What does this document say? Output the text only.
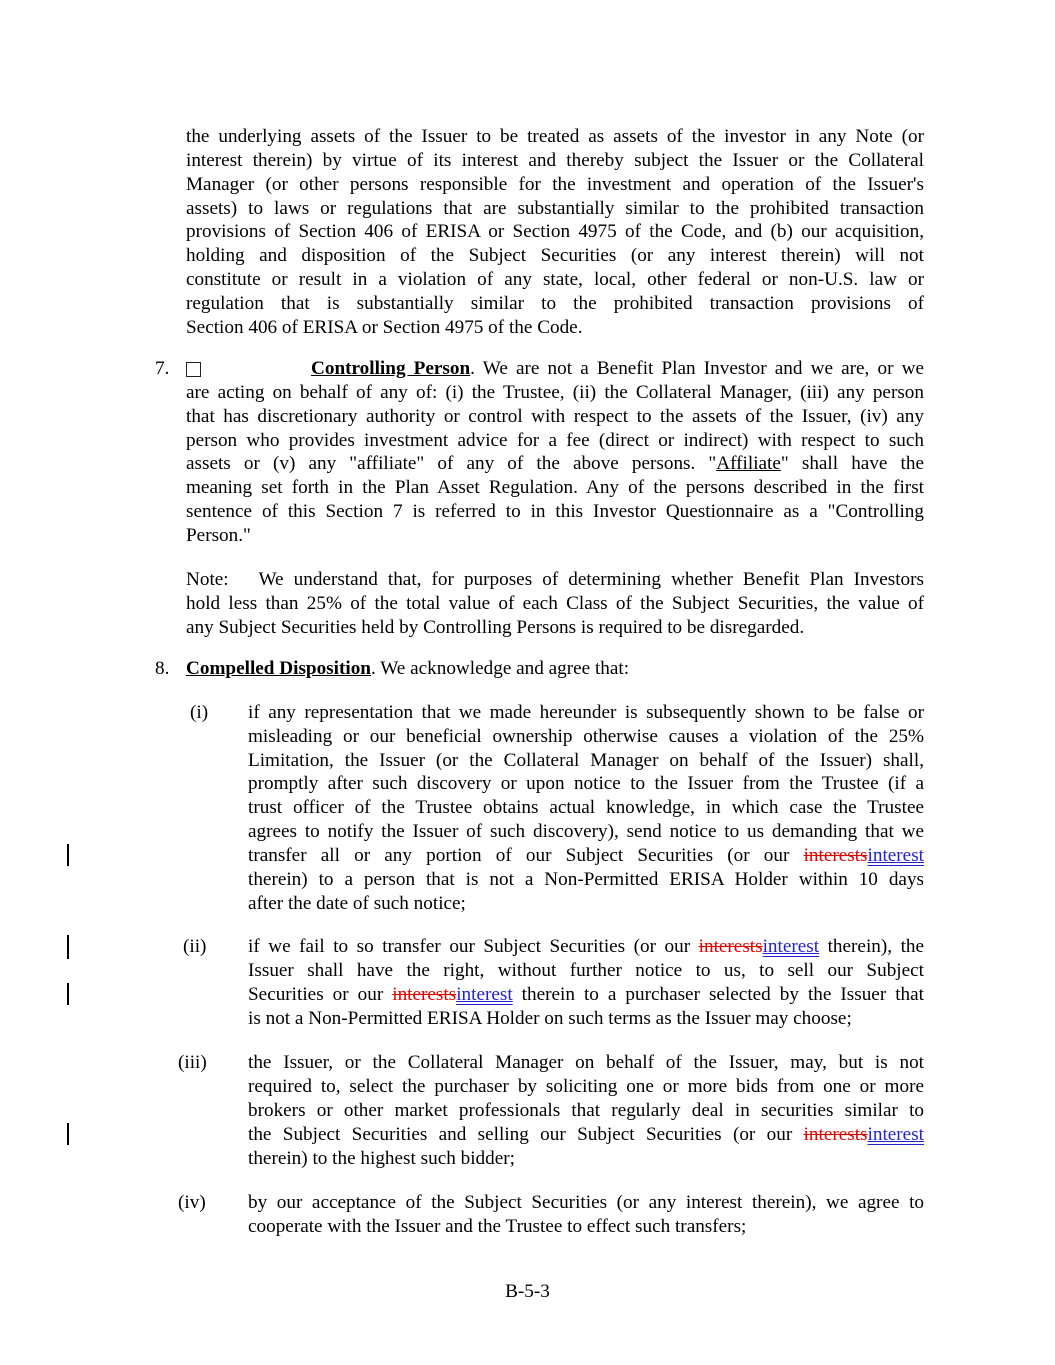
the underlying assets of the Issuer to be treated as assets of the investor in any Note (or
interest therein) by virtue of its interest and thereby subject the Issuer or the Collateral
Manager (or other persons responsible for the investment and operation of the Issuer's
assets) to laws or regulations that are substantially similar to the prohibited transaction
provisions of Section 406 of ERISA or Section 4975 of the Code, and (b) our acquisition,
holding and disposition of the Subject Securities (or any interest therein) will not
constitute or result in a violation of any state, local, other federal or non-U.S. law or
regulation that is substantially similar to the prohibited transaction provisions of
Section 406 of ERISA or Section 4975 of the Code.
7.	Controlling Person. We are not a Benefit Plan Investor and we are, or we
are acting on behalf of any of: (i) the Trustee, (ii) the Collateral Manager, (iii) any person
that has discretionary authority or control with respect to the assets of the Issuer, (iv) any
person who provides investment advice for a fee (direct or indirect) with respect to such
assets or (v) any "affiliate" of any of the above persons. "Affiliate" shall have the
meaning set forth in the Plan Asset Regulation. Any of the persons described in the first
sentence of this Section 7 is referred to in this Investor Questionnaire as a "Controlling
Person."
Note:   We understand that, for purposes of determining whether Benefit Plan Investors
hold less than 25% of the total value of each Class of the Subject Securities, the value of
any Subject Securities held by Controlling Persons is required to be disregarded.
8. Compelled Disposition. We acknowledge and agree that:
(i) if any representation that we made hereunder is subsequently shown to be false or
misleading or our beneficial ownership otherwise causes a violation of the 25%
Limitation, the Issuer (or the Collateral Manager on behalf of the Issuer) shall,
promptly after such discovery or upon notice to the Issuer from the Trustee (if a
trust officer of the Trustee obtains actual knowledge, in which case the Trustee
agrees to notify the Issuer of such discovery), send notice to us demanding that we
transfer all or any portion of our Subject Securities (or our interestsinterest
therein) to a person that is not a Non-Permitted ERISA Holder within 10 days
after the date of such notice;
(ii) if we fail to so transfer our Subject Securities (or our interestsinterest therein), the
Issuer shall have the right, without further notice to us, to sell our Subject
Securities or our interestsinterest therein to a purchaser selected by the Issuer that
is not a Non-Permitted ERISA Holder on such terms as the Issuer may choose;
(iii) the Issuer, or the Collateral Manager on behalf of the Issuer, may, but is not
required to, select the purchaser by soliciting one or more bids from one or more
brokers or other market professionals that regularly deal in securities similar to
the Subject Securities and selling our Subject Securities (or our interestsinterest
therein) to the highest such bidder;
(iv) by our acceptance of the Subject Securities (or any interest therein), we agree to
cooperate with the Issuer and the Trustee to effect such transfers;
B-5-3
